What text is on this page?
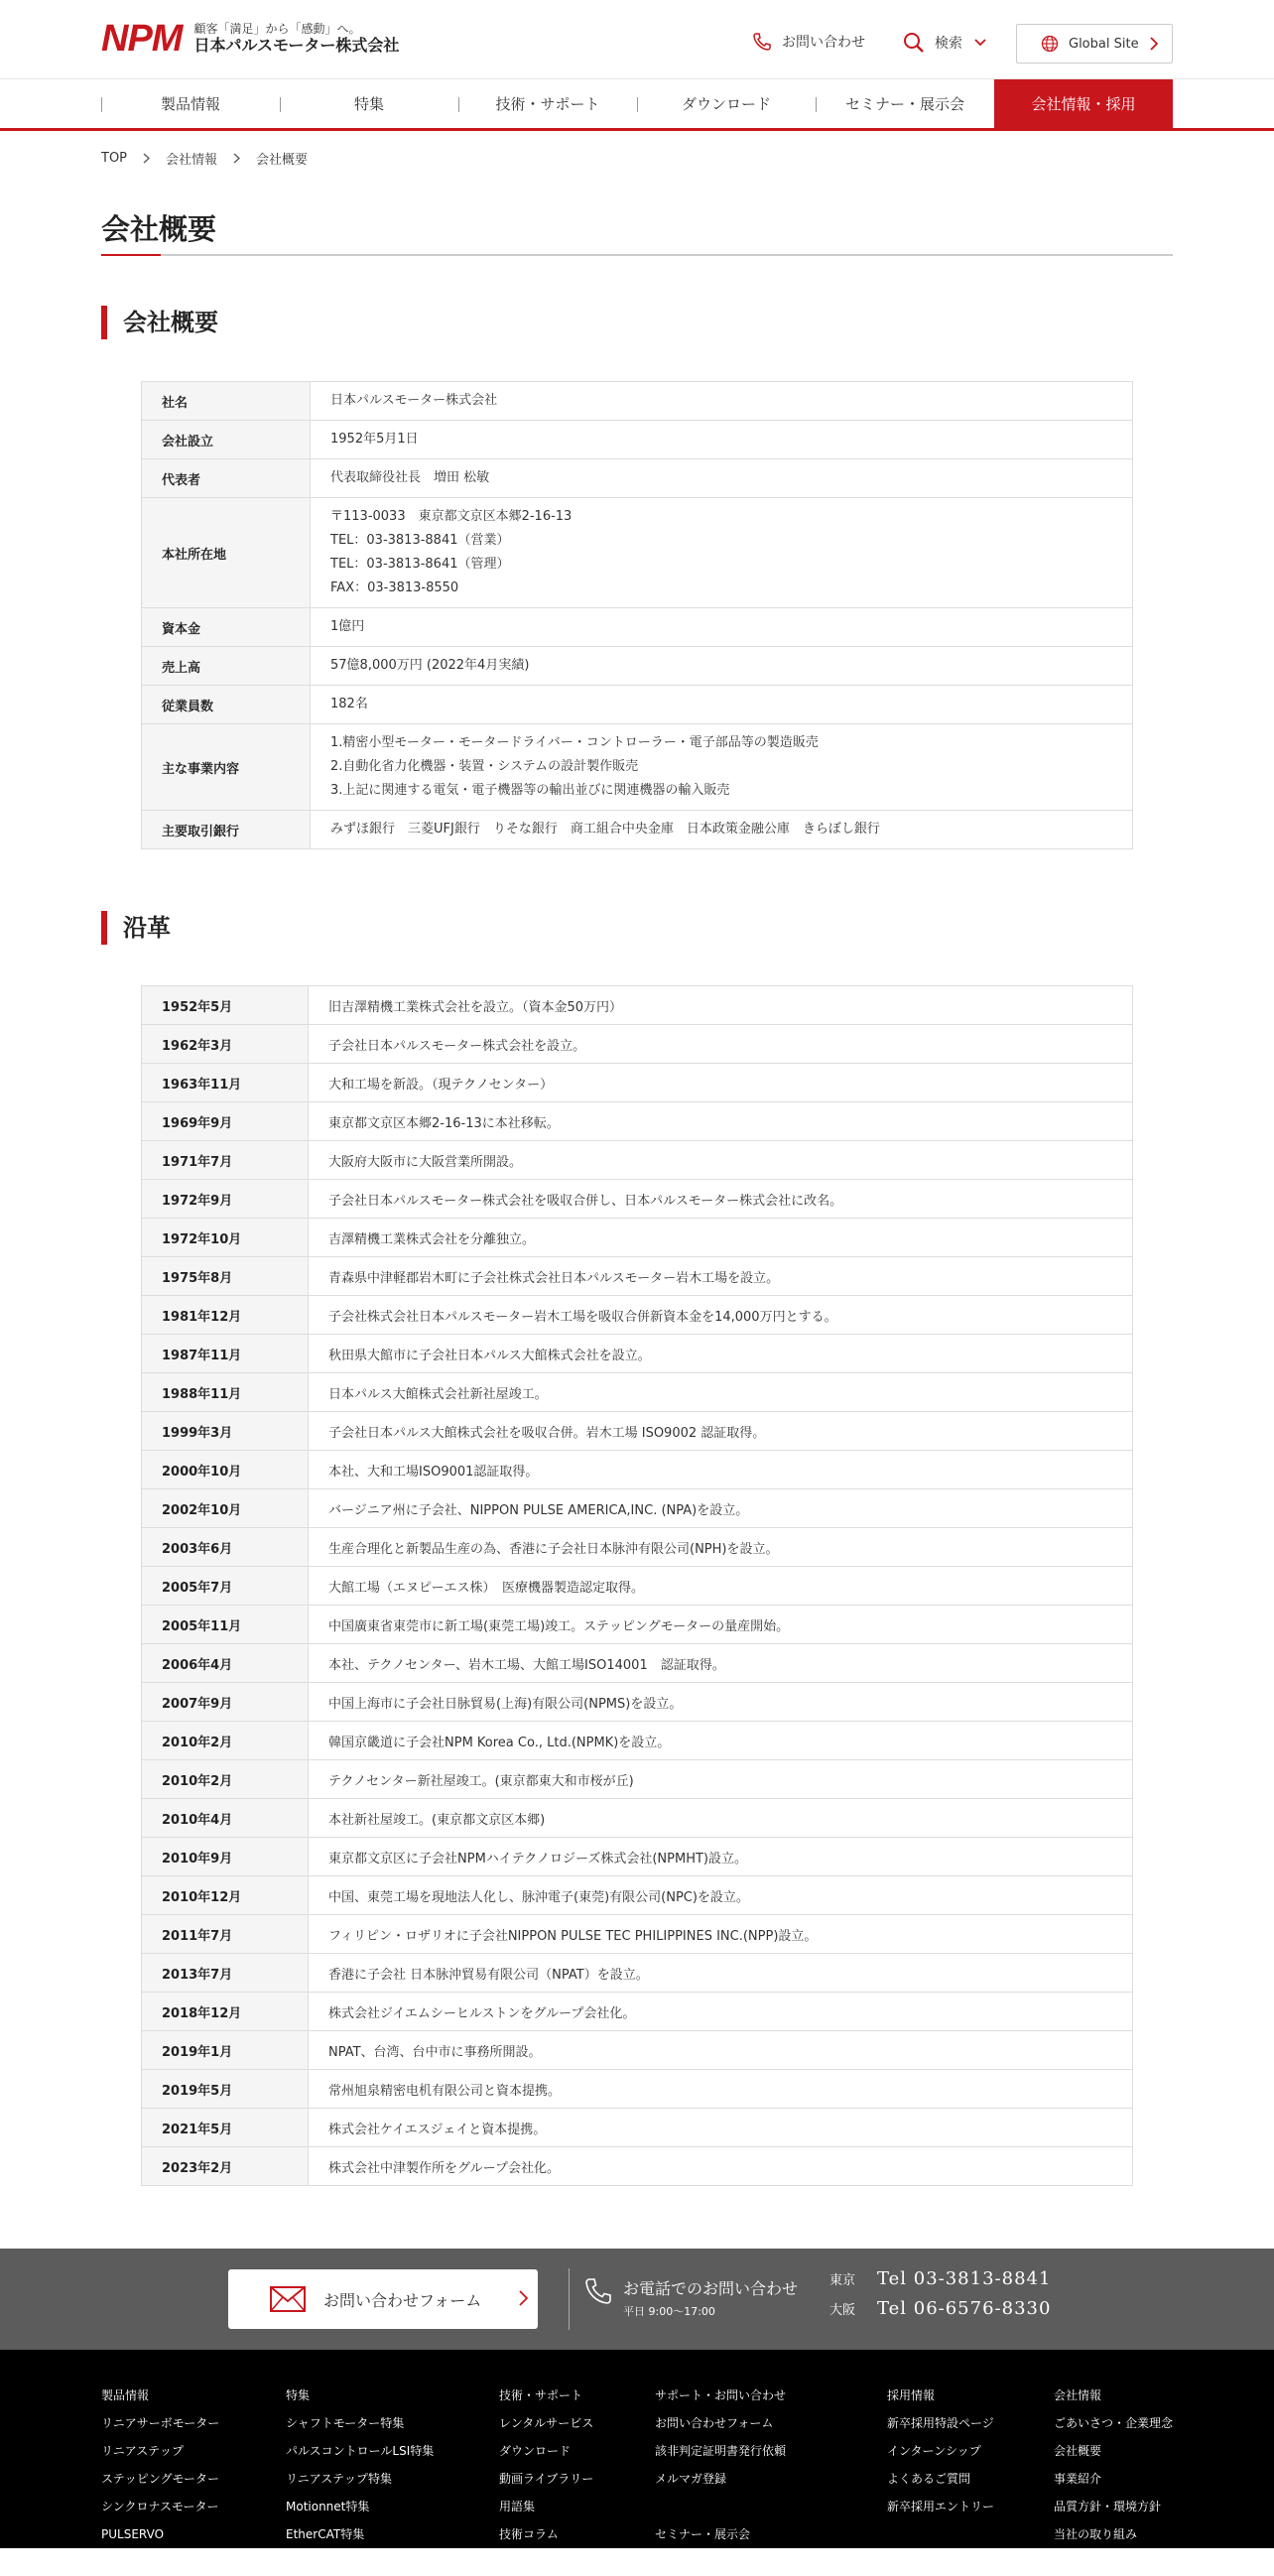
NPM 顧客「満足」から「感動」へ。
日本パルスモーター株式会社	お問い合わせ	検索	Global Site
製品情報	特集	技術・サポート	ダウンロード	セミナー・展示会	会社情報・採用
TOP	会社情報	会社概要
会社概要
会社概要
社名	日本パルスモーター株式会社

会社設立	1952年5月1日

代表者	代表取締役社長　増田 松敏

本社所在地	〒113-0033　東京都文京区本郷2-16-13
TEL：03-3813-8841（営業）
TEL：03-3813-8641（管理）
FAX：03-3813-8550

資本金	1億円

売上高	57億8,000万円 (2022年4月実績)

従業員数	182名

主な事業内容	1.精密小型モーター・モータードライバー・コントローラー・電子部品等の製造販売
2.自動化省力化機器・装置・システムの設計製作販売
3.上記に関連する電気・電子機器等の輸出並びに関連機器の輸入販売

主要取引銀行	みずほ銀行　三菱UFJ銀行　りそな銀行　商工組合中央金庫　日本政策金融公庫　きらぼし銀行
沿革
1952年5月	旧吉澤精機工業株式会社を設立。（資本金50万円）
1962年3月	子会社日本パルスモーター株式会社を設立。
1963年11月	大和工場を新設。（現テクノセンター）
1969年9月	東京都文京区本郷2-16-13に本社移転。
1971年7月	大阪府大阪市に大阪営業所開設。
1972年9月	子会社日本パルスモーター株式会社を吸収合併し、日本パルスモーター株式会社に改名。
1972年10月	吉澤精機工業株式会社を分離独立。
1975年8月	青森県中津軽郡岩木町に子会社株式会社日本パルスモーター岩木工場を設立。
1981年12月	子会社株式会社日本パルスモーター岩木工場を吸収合併新資本金を14,000万円とする。
1987年11月	秋田県大館市に子会社日本パルス大館株式会社を設立。
1988年11月	日本パルス大館株式会社新社屋竣工。
1999年3月	子会社日本パルス大館株式会社を吸収合併。岩木工場 ISO9002 認証取得。
2000年10月	本社、大和工場ISO9001認証取得。
2002年10月	バージニア州に子会社、NIPPON PULSE AMERICA,INC. (NPA)を設立。
2003年6月	生産合理化と新製品生産の為、香港に子会社日本脉沖有限公司(NPH)を設立。
2005年7月	大館工場（エヌピーエス株）　医療機器製造認定取得。
2005年11月	中国廣東省東莞市に新工場(東莞工場)竣工。ステッピングモーターの量産開始。
2006年4月	本社、テクノセンター、岩木工場、大館工場ISO14001　認証取得。
2007年9月	中国上海市に子会社日脉貿易(上海)有限公司(NPMS)を設立。
2010年2月	韓国京畿道に子会社NPM Korea Co., Ltd.(NPMK)を設立。
2010年2月	テクノセンター新社屋竣工。(東京都東大和市桜が丘)
2010年4月	本社新社屋竣工。(東京都文京区本郷)
2010年9月	東京都文京区に子会社NPMハイテクノロジーズ株式会社(NPMHT)設立。
2010年12月	中国、東莞工場を現地法人化し、脉沖電子(東莞)有限公司(NPC)を設立。
2011年7月	フィリピン・ロザリオに子会社NIPPON PULSE TEC PHILIPPINES INC.(NPP)設立。
2013年7月	香港に子会社 日本脉沖貿易有限公司（NPAT）を設立。
2018年12月	株式会社ジイエムシーヒルストンをグループ会社化。
2019年1月	NPAT、台湾、台中市に事務所開設。
2019年5月	常州旭泉精密电机有限公司と資本提携。
2021年5月	株式会社ケイエスジェイと資本提携。
2023年2月	株式会社中津製作所をグループ会社化。
お問い合わせフォーム
お電話でのお問い合わせ
平日 9:00～17:00
東京	Tel 03-3813-8841
大阪	Tel 06-6576-8330
製品情報
リニアサーボモーター
リニアステップ
ステッピングモーター
シンクロナスモーター
PULSERVO
特集
シャフトモーター特集
パルスコントロールLSI特集
リニアステップ特集
Motionnet特集
EtherCAT特集
技術・サポート
レンタルサービス
ダウンロード
動画ライブラリー
用語集
技術コラム
サポート・お問い合わせ
お問い合わせフォーム
該非判定証明書発行依頼
メルマガ登録
セミナー・展示会
パルスコントロールLSIセミナー
採用情報
新卒採用特設ページ
インターンシップ
よくあるご質問
新卒採用エントリー
会社情報
ごあいさつ・企業理念
会社概要
事業紹介
品質方針・環境方針
当社の取り組み
